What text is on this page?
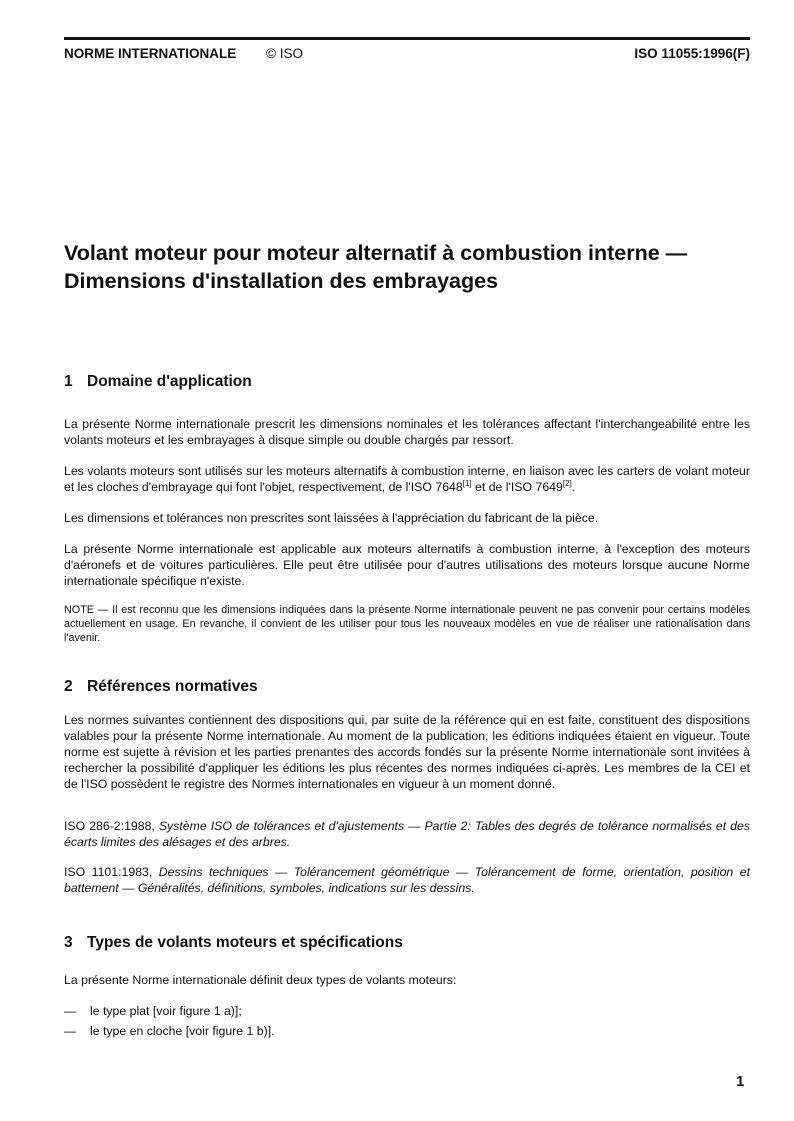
NORME INTERNATIONALE © ISO	ISO 11055:1996(F)
Volant moteur pour moteur alternatif à combustion interne — Dimensions d'installation des embrayages
1 Domaine d'application

La présente Norme internationale prescrit les dimensions nominales et les tolérances affectant l'interchangeabilité entre les volants moteurs et les embrayages à disque simple ou double chargés par ressort.

Les volants moteurs sont utilisés sur les moteurs alternatifs à combustion interne, en liaison avec les carters de volant moteur et les cloches d'embrayage qui font l'objet, respectivement, de l'ISO 7648[1] et de l'ISO 7649[2].

Les dimensions et tolérances non prescrites sont laissées à l'appréciation du fabricant de la pièce.

La présente Norme internationale est applicable aux moteurs alternatifs à combustion interne, à l'exception des moteurs d'aéronefs et de voitures particulières. Elle peut être utilisée pour d'autres utilisations des moteurs lorsque aucune Norme internationale spécifique n'existe.

NOTE — Il est reconnu que les dimensions indiquées dans la présente Norme internationale peuvent ne pas convenir pour certains modèles actuellement en usage. En revanche, il convient de les utiliser pour tous les nouveaux modèles en vue de réaliser une rationalisation dans l'avenir.

2 Références normatives

Les normes suivantes contiennent des dispositions qui, par suite de la référence qui en est faite, constituent des dispositions valables pour la présente Norme internationale. Au moment de la publication, les éditions indiquées étaient en vigueur. Toute norme est sujette à révision et les parties prenantes des accords fondés sur la présente Norme internationale sont invitées à rechercher la possibilité d'appliquer les éditions les plus récentes des normes indiquées ci-après. Les membres de la CEI et de l'ISO possèdent le registre des Normes internationales en vigueur à un moment donné.

ISO 286-2:1988, Système ISO de tolérances et d'ajustements — Partie 2: Tables des degrés de tolérance normalisés et des écarts limites des alésages et des arbres.

ISO 1101:1983, Dessins techniques — Tolérancement géométrique — Tolérancement de forme, orientation, position et battement — Généralités, définitions, symboles, indications sur les dessins.

3 Types de volants moteurs et spécifications

La présente Norme internationale définit deux types de volants moteurs:

— le type plat [voir figure 1 a)];
— le type en cloche [voir figure 1 b)].
1
